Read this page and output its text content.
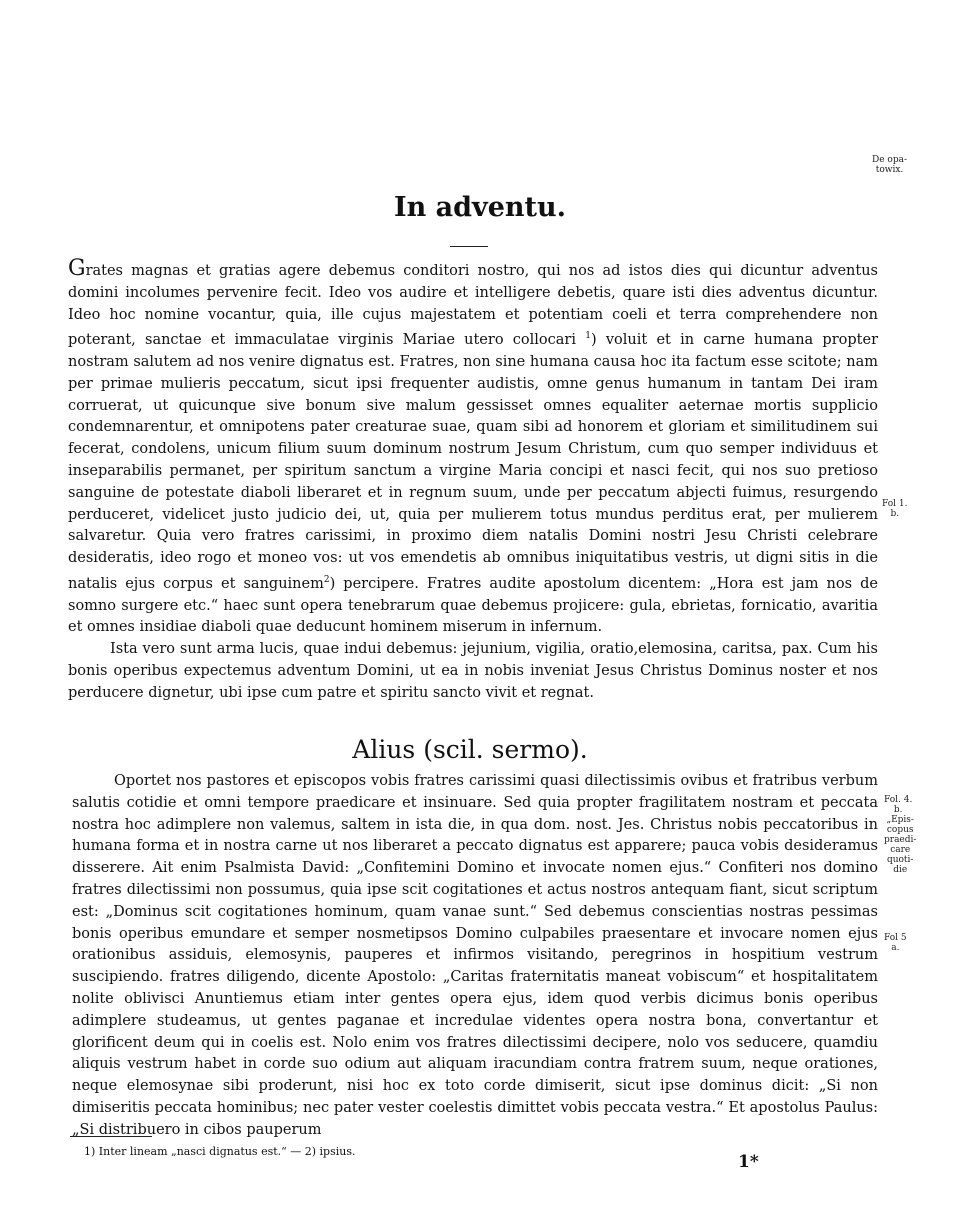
De opa-
towix.
In adventu.

Grates magnas et gratias agere debemus conditori nostro, qui nos ad istos dies qui dicuntur adventus domini incolumes pervenire fecit. Ideo vos audire et intelligere debetis, quare isti dies adventus dicuntur. Ideo hoc nomine vocantur, quia, ille cujus majestatem et potentiam coeli et terra comprehendere non poterant, sanctae et immaculatae virginis Mariae utero collocari $^1$) voluit et in carne humana propter nostram salutem ad nos venire dignatus est. Fratres, non sine humana causa hoc ita factum esse scitote; nam per primae mulieris peccatum, sicut ipsi frequenter audistis, omne genus humanum in tantam Dei iram corruerat, ut quicunque sive bonum sive malum gessisset omnes equaliter aeternae mortis supplicio condemnarentur, et omnipotens pater creaturae suae, quam sibi ad honorem et gloriam et similitudinem sui fecerat, condolens, unicum filium suum dominum nostrum Jesum Christum, cum quo semper individuus et inseparabilis permanet, per spiritum sanctum a virgine Maria concipi et nasci fecit, qui nos suo pretioso sanguine de potestate diaboli liberaret et in regnum suum, unde per peccatum abjecti fuimus, resurgendo perduceret, videlicet justo judicio dei, ut, quia per mulierem totus mundus perditus erat, per mulierem salvaretur. Quia vero fratres carissimi, in proximo diem natalis Domini nostri Jesu Christi celebrare desideratis, ideo rogo et moneo vos: ut vos emendetis ab omnibus iniquitatibus vestris, ut digni sitis in die natalis ejus corpus et sanguinem$^2$) percipere. Fratres audite apostolum dicentem: „Hora est jam nos de somno surgere etc.“ haec sunt opera tenebrarum quae debemus projicere: gula, ebrietas, fornicatio, avaritia et omnes insidiae diaboli quae deducunt hominem miserum in infernum.

Ista vero sunt arma lucis, quae indui debemus: jejunium, vigilia, oratio,elemosina, caritsa, pax. Cum his bonis operibus expectemus adventum Domini, ut ea in nobis inveniat Jesus Christus Dominus noster et nos perducere dignetur, ubi ipse cum patre et spiritu sancto vivit et regnat.

Fol 1.
b.
Alius (scil. sermo).

Oportet nos pastores et episcopos vobis fratres carissimi quasi dilectissimis ovibus et fratribus verbum salutis cotidie et omni tempore praedicare et insinuare. Sed quia propter fragilitatem nostram et peccata nostra hoc adimplere non valemus, saltem in ista die, in qua dom. nost. Jes. Christus nobis peccatoribus in humana forma et in nostra carne ut nos liberaret a peccato dignatus est apparere; pauca vobis desideramus disserere. Ait enim Psalmista David: „Confitemini Domino et invocate nomen ejus.“ Confiteri nos domino fratres dilectissimi non possumus, quia ipse scit cogitationes et actus nostros antequam fiant, sicut scriptum est: „Dominus scit cogitationes hominum, quam vanae sunt.“ Sed debemus conscientias nostras pessimas bonis operibus emundare et semper nosmetipsos Domino culpabiles praesentare et invocare nomen ejus orationibus assiduis, elemosynis, pauperes et infirmos visitando, peregrinos in hospitium vestrum suscipiendo. fratres diligendo, dicente Apostolo: „Caritas fraternitatis maneat vobiscum“ et hospitalitatem nolite oblivisci Anuntiemus etiam inter gentes opera ejus, idem quod verbis dicimus bonis operibus adimplere studeamus, ut gentes paganae et incredulae videntes opera nostra bona, convertantur et glorificent deum qui in coelis est. Nolo enim vos fratres dilectissimi decipere, nolo vos seducere, quamdiu aliquis vestrum habet in corde suo odium aut aliquam iracundiam contra fratrem suum, neque orationes, neque elemosynae sibi proderunt, nisi hoc ex toto corde dimiserit, sicut ipse dominus dicit: „Si non dimiseritis peccata hominibus; nec pater vester coelestis dimittet vobis peccata vestra.“ Et apostolus Paulus: „Si distribuero in cibos pauperum

Fol. 4.
b.
„Epis-
copus
praedi-
care
quoti-
die
Fol 5
a.
1) Inter lineam „nasci dignatus est.“ — 2) ipsius.
1*
